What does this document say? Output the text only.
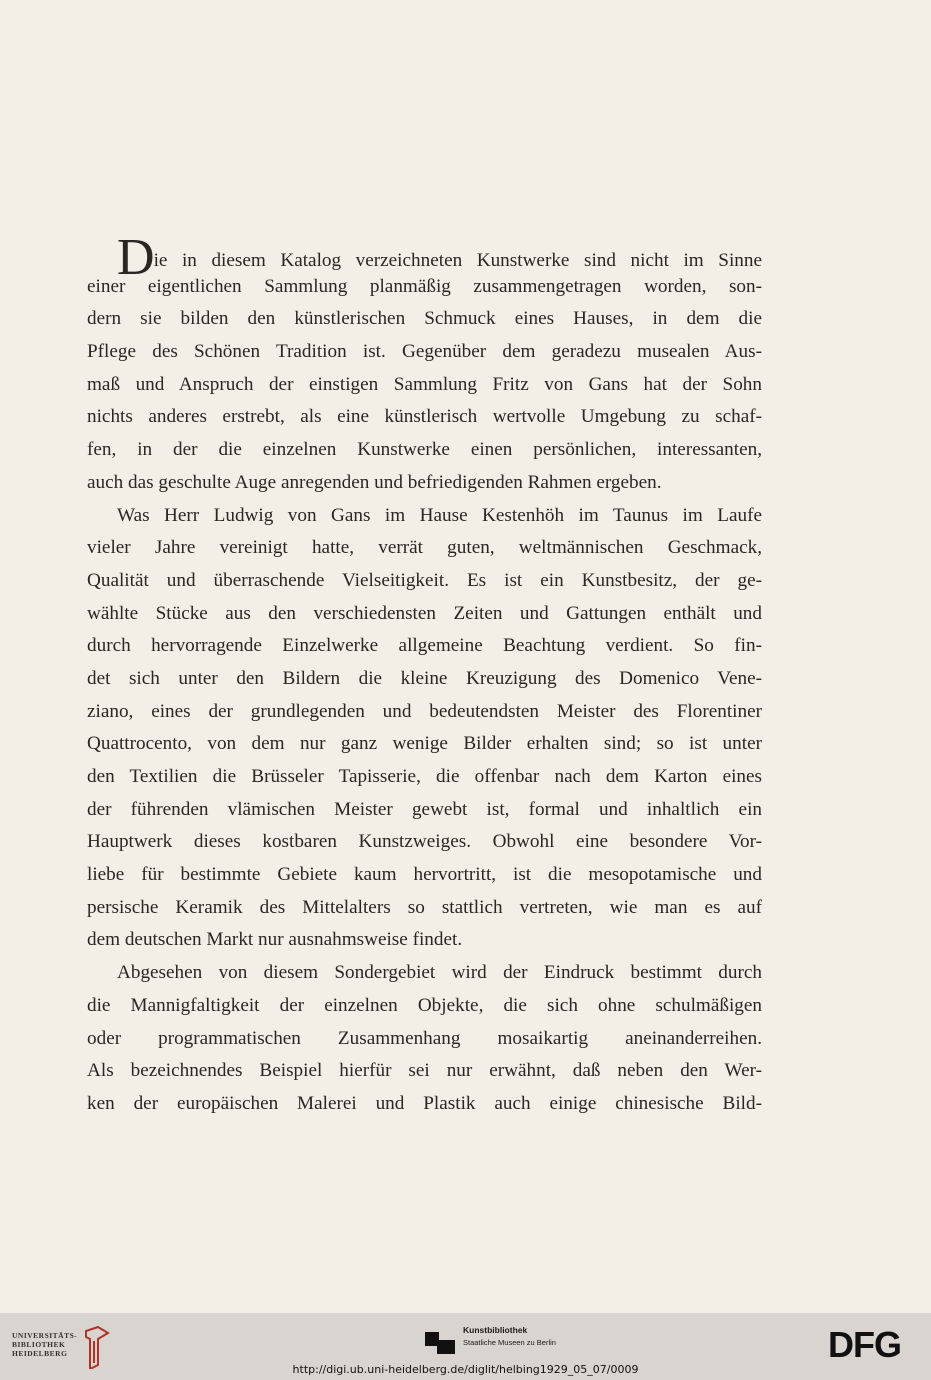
D ie in diesem Katalog verzeichneten Kunstwerke sind nicht im Sinne
einer eigentlichen Sammlung planmäßig zusammengetragen worden, son-
dern sie bilden den künstlerischen Schmuck eines Hauses, in dem die
Pflege des Schönen Tradition ist. Gegenüber dem geradezu musealen Aus-
maß und Anspruch der einstigen Sammlung Fritz von Gans hat der Sohn
nichts anderes erstrebt, als eine künstlerisch wertvolle Umgebung zu schaf-
fen, in der die einzelnen Kunstwerke einen persönlichen, interessanten,
auch das geschulte Auge anregenden und befriedigenden Rahmen ergeben.
Was Herr Ludwig von Gans im Hause Kestenhöh im Taunus im Laufe
vieler Jahre vereinigt hatte, verrät guten, weltmännischen Geschmack,
Qualität und überraschende Vielseitigkeit. Es ist ein Kunstbesitz, der ge-
wählte Stücke aus den verschiedensten Zeiten und Gattungen enthält und
durch hervorragende Einzelwerke allgemeine Beachtung verdient. So fin-
det sich unter den Bildern die kleine Kreuzigung des Domenico Vene-
ziano, eines der grundlegenden und bedeutendsten Meister des Florentiner
Quattrocento, von dem nur ganz wenige Bilder erhalten sind; so ist unter
den Textilien die Brüsseler Tapisserie, die offenbar nach dem Karton eines
der führenden vlämischen Meister gewebt ist, formal und inhaltlich ein
Hauptwerk dieses kostbaren Kunstzweiges. Obwohl eine besondere Vor-
liebe für bestimmte Gebiete kaum hervortritt, ist die mesopotamische und
persische Keramik des Mittelalters so stattlich vertreten, wie man es auf
dem deutschen Markt nur ausnahmsweise findet.
Abgesehen von diesem Sondergebiet wird der Eindruck bestimmt durch
die Mannigfaltigkeit der einzelnen Objekte, die sich ohne schulmäßigen
oder programmatischen Zusammenhang mosaikartig aneinanderreihen.
Als bezeichnendes Beispiel hierfür sei nur erwähnt, daß neben den Wer-
ken der europäischen Malerei und Plastik auch einige chinesische Bild-
UNIVERSITÄTS-
BIBLIOTHEK
HEIDELBERG
Kunstbibliothek
Staatliche Museen zu Berlin	DFG
http://digi.ub.uni-heidelberg.de/diglit/helbing1929_05_07/0009
